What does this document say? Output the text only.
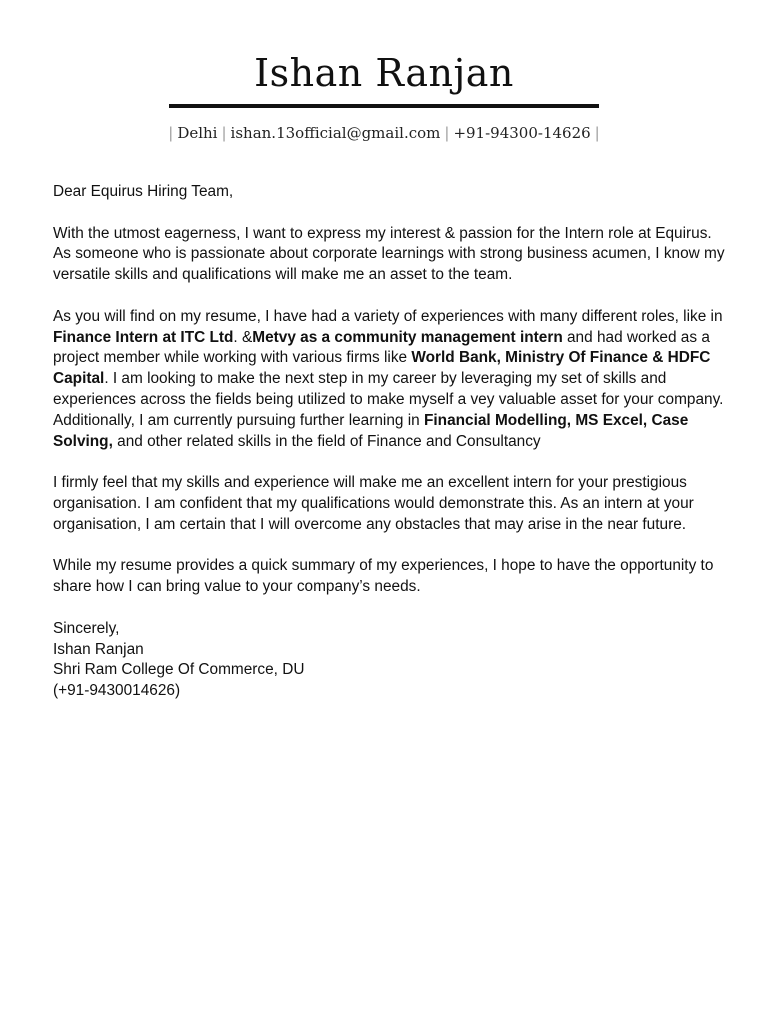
Ishan Ranjan
| Delhi | ishan.13official@gmail.com | +91-94300-14626 |

Dear Equirus Hiring Team,

With the utmost eagerness, I want to express my interest & passion for the Intern role at Equirus. As someone who is passionate about corporate learnings with strong business acumen, I know my versatile skills and qualifications will make me an asset to the team.

As you will find on my resume, I have had a variety of experiences with many different roles, like in Finance Intern at ITC Ltd. &Metvy as a community management intern and had worked as a project member while working with various firms like World Bank, Ministry Of Finance & HDFC Capital. I am looking to make the next step in my career by leveraging my set of skills and experiences across the fields being utilized to make myself a vey valuable asset for your company. Additionally, I am currently pursuing further learning in Financial Modelling, MS Excel, Case Solving, and other related skills in the field of Finance and Consultancy

I firmly feel that my skills and experience will make me an excellent intern for your prestigious organisation. I am confident that my qualifications would demonstrate this. As an intern at your organisation, I am certain that I will overcome any obstacles that may arise in the near future.

While my resume provides a quick summary of my experiences, I hope to have the opportunity to share how I can bring value to your company’s needs.

Sincerely,
Ishan Ranjan
Shri Ram College Of Commerce, DU
(+91-9430014626)
